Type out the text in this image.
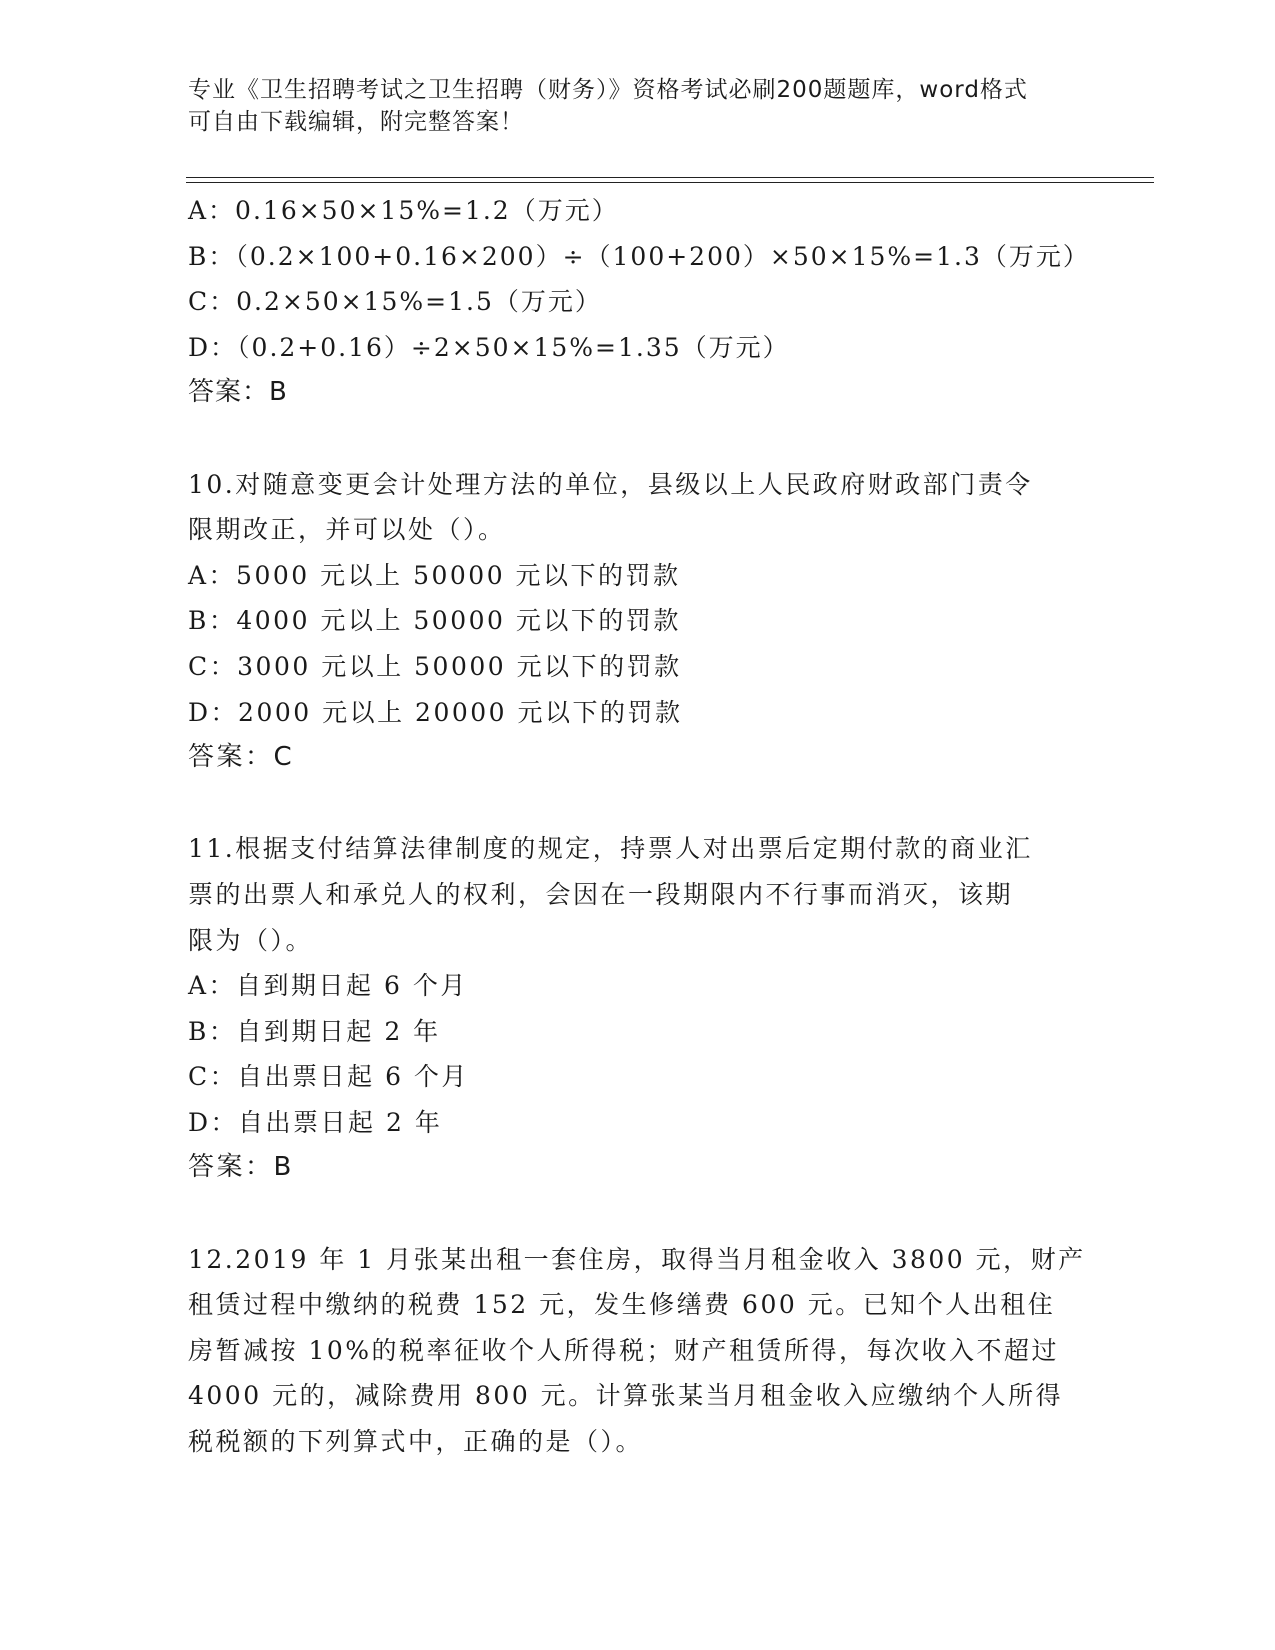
专业《卫生招聘考试之卫生招聘（财务）》资格考试必刷200题题库，word格式
可自由下载编辑，附完整答案！
A：0.16×50×15%=1.2（万元）
B：（0.2×100+0.16×200）÷（100+200）×50×15%=1.3（万元）
C：0.2×50×15%=1.5（万元）
D：（0.2+0.16）÷2×50×15%=1.35（万元）
答案：B
10.对随意变更会计处理方法的单位，县级以上人民政府财政部门责令
限期改正，并可以处（）。
A：5000 元以上 50000 元以下的罚款
B：4000 元以上 50000 元以下的罚款
C：3000 元以上 50000 元以下的罚款
D：2000 元以上 20000 元以下的罚款
答案：C
11.根据支付结算法律制度的规定，持票人对出票后定期付款的商业汇
票的出票人和承兑人的权利，会因在一段期限内不行事而消灭，该期
限为（）。
A：自到期日起 6 个月
B：自到期日起 2 年
C：自出票日起 6 个月
D：自出票日起 2 年
答案：B
12.2019 年 1 月张某出租一套住房，取得当月租金收入 3800 元，财产
租赁过程中缴纳的税费 152 元，发生修缮费 600 元。已知个人出租住
房暂减按 10%的税率征收个人所得税；财产租赁所得，每次收入不超过
4000 元的，减除费用 800 元。计算张某当月租金收入应缴纳个人所得
税税额的下列算式中，正确的是（）。
